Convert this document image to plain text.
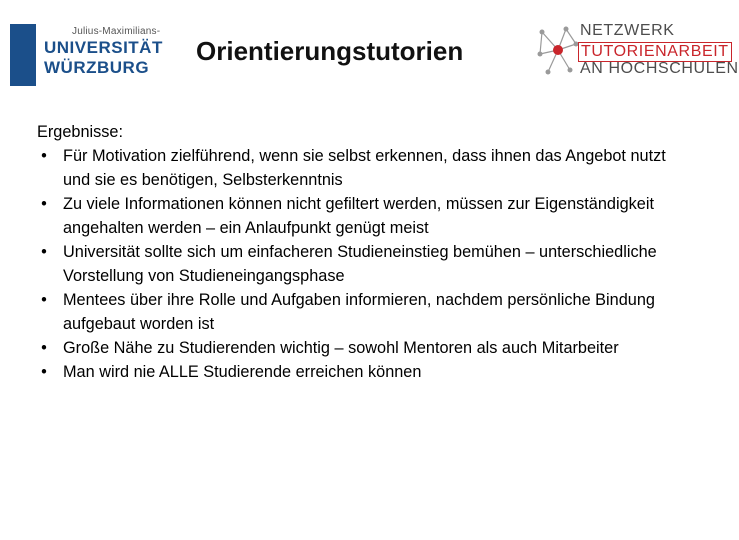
Julius-Maximilians-
UNIVERSITÄT
WÜRZBURG
Orientierungstutorien
NETZWERK
TUTORIENARBEIT
AN HOCHSCHULEN
Ergebnisse:
• Für Motivation zielführend, wenn sie selbst erkennen, dass ihnen das Angebot nutzt und sie es benötigen, Selbsterkenntnis
• Zu viele Informationen können nicht gefiltert werden, müssen zur Eigenständigkeit angehalten werden – ein Anlaufpunkt genügt meist
• Universität sollte sich um einfacheren Studieneinstieg bemühen – unterschiedliche Vorstellung von Studieneingangsphase
• Mentees über ihre Rolle und Aufgaben informieren, nachdem persönliche Bindung aufgebaut worden ist
• Große Nähe zu Studierenden wichtig – sowohl Mentoren als auch Mitarbeiter
• Man wird nie ALLE Studierende erreichen können
